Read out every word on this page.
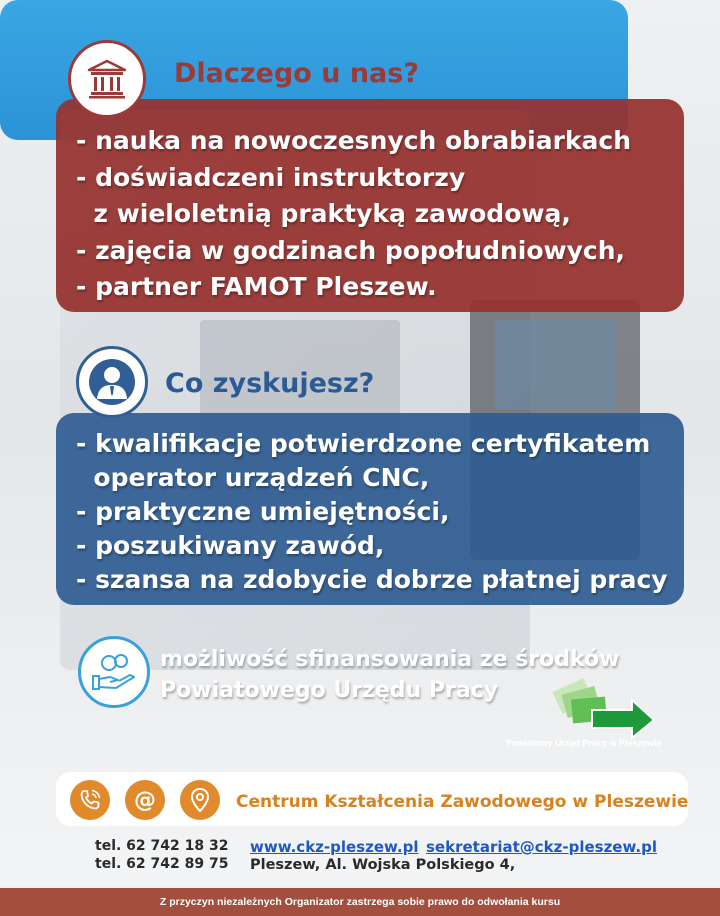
- nauka na nowoczesnych obrabiarkach
- doświadczeni instruktorzy
z wieloletnią praktyką zawodową,
- zajęcia w godzinach popołudniowych,
- partner FAMOT Pleszew.
Dlaczego u nas?
- kwalifikacje potwierdzone certyfikatem
operator urządzeń CNC,
- praktyczne umiejętności,
- poszukiwany zawód,
- szansa na zdobycie dobrze płatnej pracy
Co zyskujesz?
możliwość sfinansowania ze środków
Powiatowego Urzędu Pracy
Powiatowy Urząd Pracy w Pleszewie
@	Centrum Kształcenia Zawodowego w Pleszewie
tel. 62 742 18 32
tel. 62 742 89 75
www.ckz-pleszew.pl sekretariat@ckz-pleszew.pl
Pleszew, Al. Wojska Polskiego 4,
Z przyczyn niezależnych Organizator zastrzega sobie prawo do odwołania kursu
